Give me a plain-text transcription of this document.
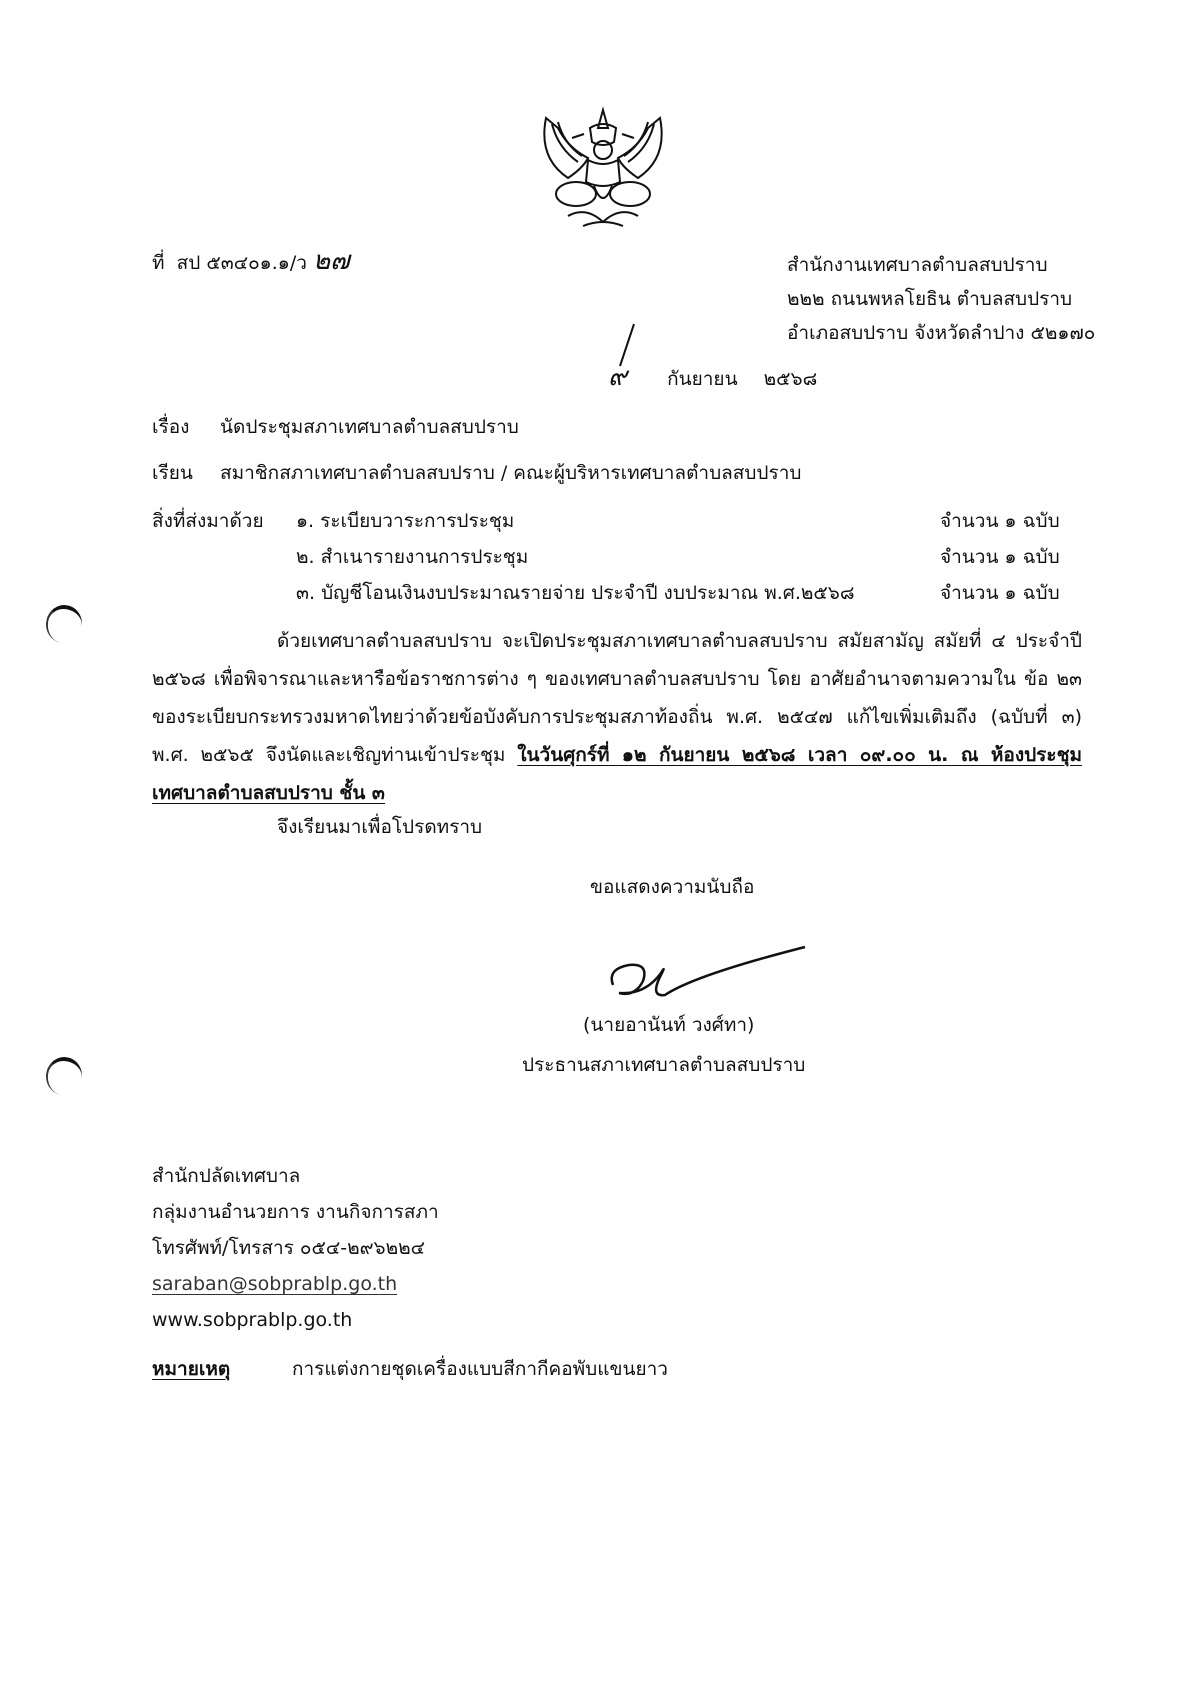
ที่ สป ๕๓๔๐๑.๑/ว ๒๗	สำนักงานเทศบาลตำบลสบปราบ
๒๒๒ ถนนพหลโยธิน ตำบลสบปราบ
อำเภอสบปราบ จังหวัดลำปาง ๕๒๑๗๐
๙ กันยายน ๒๕๖๘
เรื่อง นัดประชุมสภาเทศบาลตำบลสบปราบ
เรียน สมาชิกสภาเทศบาลตำบลสบปราบ / คณะผู้บริหารเทศบาลตำบลสบปราบ
สิ่งที่ส่งมาด้วย ๑. ระเบียบวาระการประชุม	จำนวน ๑ ฉบับ
๒. สำเนารายงานการประชุม	จำนวน ๑ ฉบับ
๓. บัญชีโอนเงินงบประมาณรายจ่าย ประจำปี งบประมาณ พ.ศ.๒๕๖๘	จำนวน ๑ ฉบับ
ด้วยเทศบาลตำบลสบปราบ จะเปิดประชุมสภาเทศบาลตำบลสบปราบ สมัยสามัญ สมัยที่ ๔ ประจำปี ๒๕๖๘ เพื่อพิจารณาและหารือข้อราชการต่าง ๆ ของเทศบาลตำบลสบปราบ โดย อาศัยอำนาจตามความใน ข้อ ๒๓ ของระเบียบกระทรวงมหาดไทยว่าด้วยข้อบังคับการประชุมสภาท้องถิ่น พ.ศ. ๒๕๔๗ แก้ไขเพิ่มเติมถึง (ฉบับที่ ๓) พ.ศ. ๒๕๖๕ จึงนัดและเชิญท่านเข้าประชุม ในวันศุกร์ที่ ๑๒ กันยายน ๒๕๖๘ เวลา ๐๙.๐๐ น. ณ ห้องประชุมเทศบาลตำบลสบปราบ ชั้น ๓
จึงเรียนมาเพื่อโปรดทราบ
ขอแสดงความนับถือ
(นายอานันท์ วงศ์ทา)
ประธานสภาเทศบาลตำบลสบปราบ
สำนักปลัดเทศบาล
กลุ่มงานอำนวยการ งานกิจการสภา
โทรศัพท์/โทรสาร ๐๕๔-๒๙๖๒๒๔
saraban@sobprablp.go.th
www.sobprablp.go.th
หมายเหตุ	การแต่งกายชุดเครื่องแบบสีกากีคอพับแขนยาว
